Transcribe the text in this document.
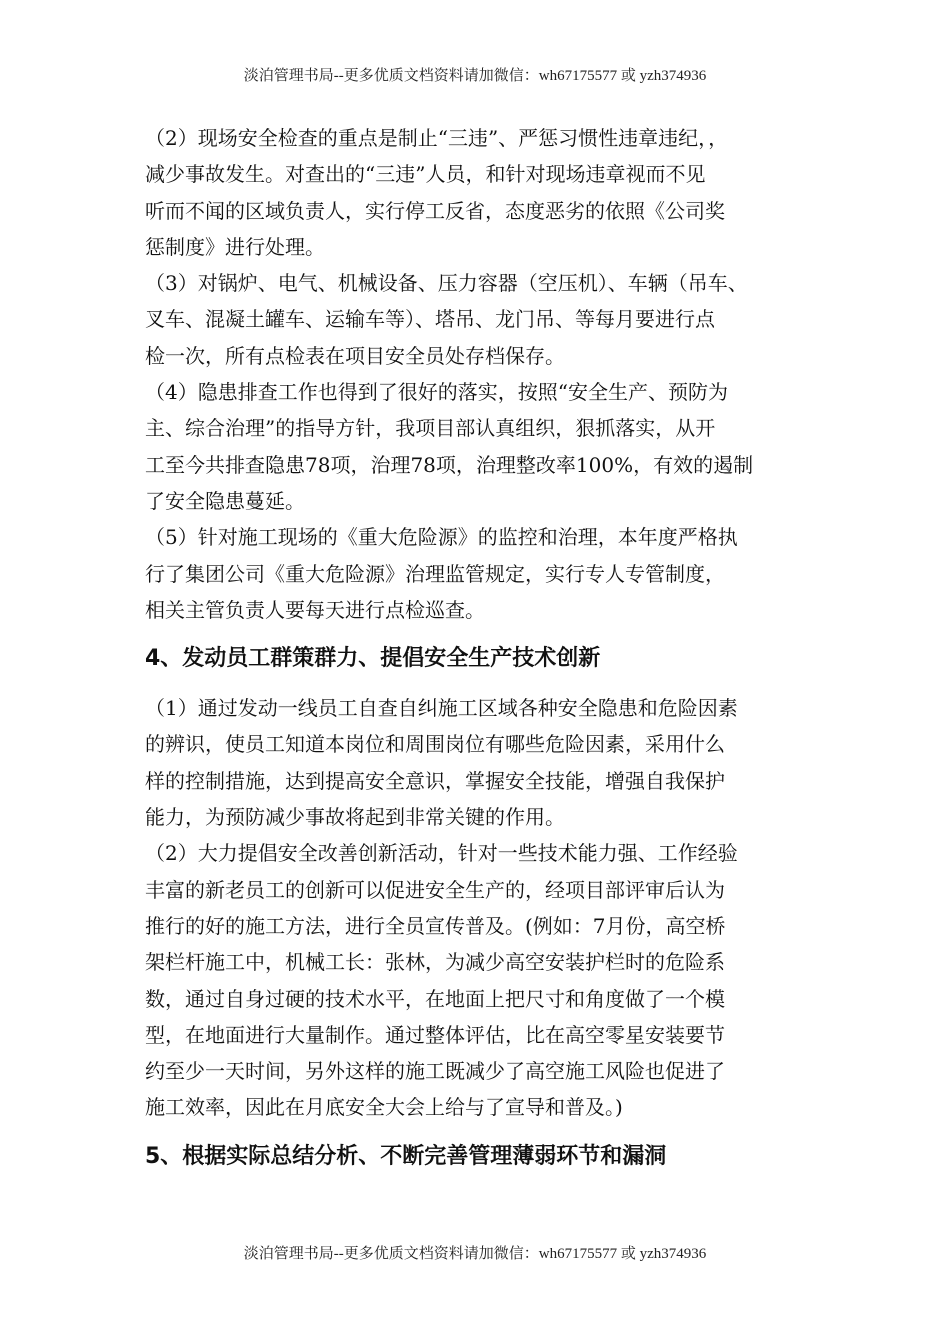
淡泊管理书局--更多优质文档资料请加微信：wh67175577 或 yzh374936
（2）现场安全检查的重点是制止“三违”、严惩习惯性违章违纪，，
减少事故发生。对查出的“三违”人员，和针对现场违章视而不见
听而不闻的区域负责人，实行停工反省，态度恶劣的依照《公司奖
惩制度》进行处理。
（3）对锅炉、电气、机械设备、压力容器（空压机）、车辆（吊车、
叉车、混凝土罐车、运输车等）、塔吊、龙门吊、等每月要进行点
检一次，所有点检表在项目安全员处存档保存。
（4）隐患排查工作也得到了很好的落实，按照“安全生产、预防为
主、综合治理”的指导方针，我项目部认真组织，狠抓落实，从开
工至今共排查隐患78项，治理78项，治理整改率100%，有效的遏制
了安全隐患蔓延。
（5）针对施工现场的《重大危险源》的监控和治理，本年度严格执
行了集团公司《重大危险源》治理监管规定，实行专人专管制度，
相关主管负责人要每天进行点检巡查。
4、发动员工群策群力、提倡安全生产技术创新
（1）通过发动一线员工自查自纠施工区域各种安全隐患和危险因素
的辨识，使员工知道本岗位和周围岗位有哪些危险因素，采用什么
样的控制措施，达到提高安全意识，掌握安全技能，增强自我保护
能力，为预防减少事故将起到非常关键的作用。
（2）大力提倡安全改善创新活动，针对一些技术能力强、工作经验
丰富的新老员工的创新可以促进安全生产的，经项目部评审后认为
推行的好的施工方法，进行全员宣传普及。(例如：7月份，高空桥
架栏杆施工中，机械工长：张林，为减少高空安装护栏时的危险系
数，通过自身过硬的技术水平，在地面上把尺寸和角度做了一个模
型，在地面进行大量制作。通过整体评估，比在高空零星安装要节
约至少一天时间，另外这样的施工既减少了高空施工风险也促进了
施工效率，因此在月底安全大会上给与了宣导和普及。)
5、根据实际总结分析、不断完善管理薄弱环节和漏洞
淡泊管理书局--更多优质文档资料请加微信：wh67175577 或 yzh374936
